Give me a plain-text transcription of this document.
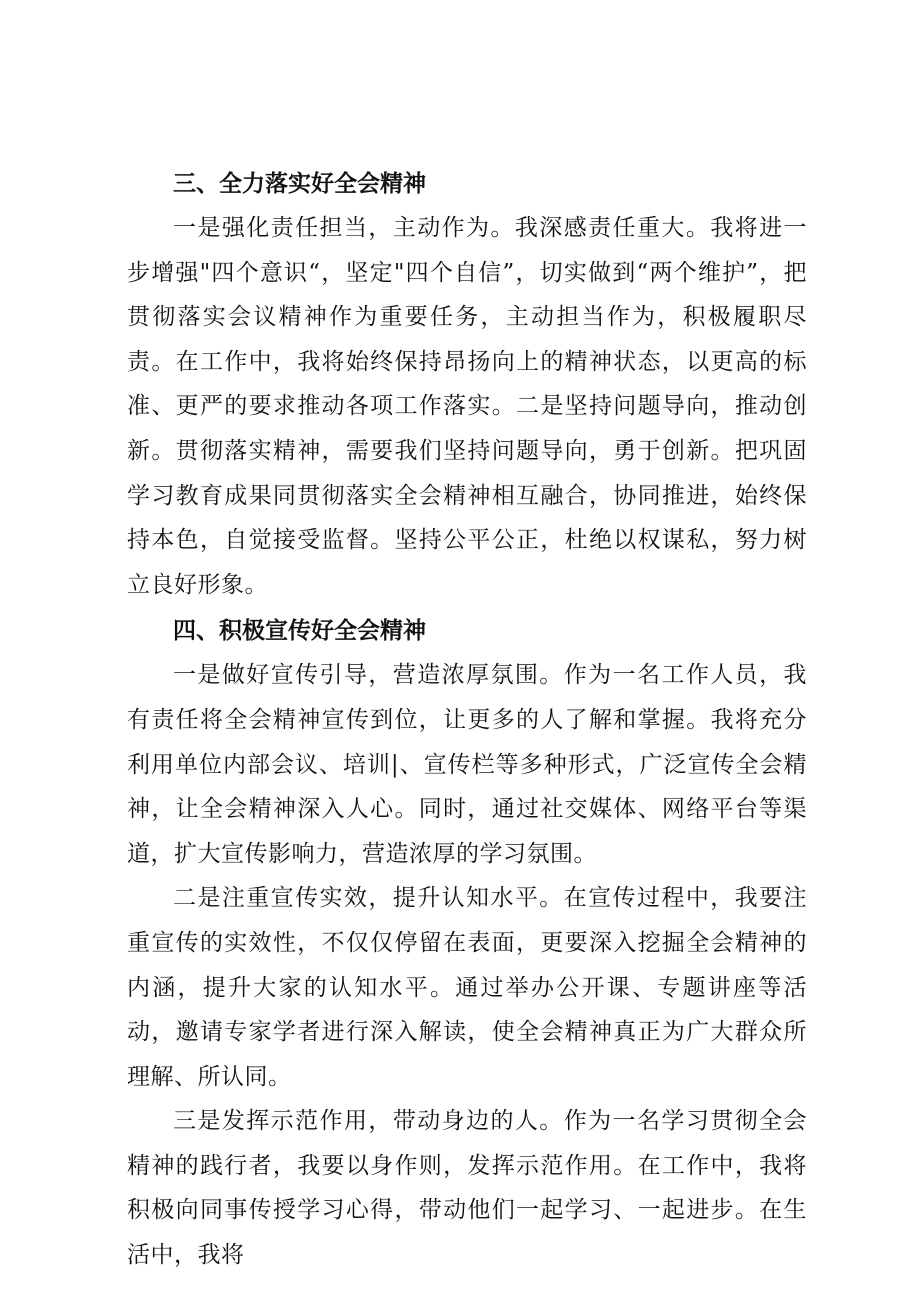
三、全力落实好全会精神

一是强化责任担当，主动作为。我深感责任重大。我将进一步增强"四个意识“，坚定"四个自信”，切实做到“两个维护”，把贯彻落实会议精神作为重要任务，主动担当作为，积极履职尽责。在工作中，我将始终保持昂扬向上的精神状态，以更高的标准、更严的要求推动各项工作落实。二是坚持问题导向，推动创新。贯彻落实精神，需要我们坚持问题导向，勇于创新。把巩固学习教育成果同贯彻落实全会精神相互融合，协同推进，始终保持本色，自觉接受监督。坚持公平公正，杜绝以权谋私，努力树立良好形象。

四、积极宣传好全会精神

一是做好宣传引导，营造浓厚氛围。作为一名工作人员，我有责任将全会精神宣传到位，让更多的人了解和掌握。我将充分利用单位内部会议、培训|、宣传栏等多种形式，广泛宣传全会精神，让全会精神深入人心。同时，通过社交媒体、网络平台等渠道，扩大宣传影响力，营造浓厚的学习氛围。

二是注重宣传实效，提升认知水平。在宣传过程中，我要注重宣传的实效性，不仅仅停留在表面，更要深入挖掘全会精神的内涵，提升大家的认知水平。通过举办公开课、专题讲座等活动，邀请专家学者进行深入解读，使全会精神真正为广大群众所理解、所认同。

三是发挥示范作用，带动身边的人。作为一名学习贯彻全会精神的践行者，我要以身作则，发挥示范作用。在工作中，我将积极向同事传授学习心得，带动他们一起学习、一起进步。在生活中，我将
